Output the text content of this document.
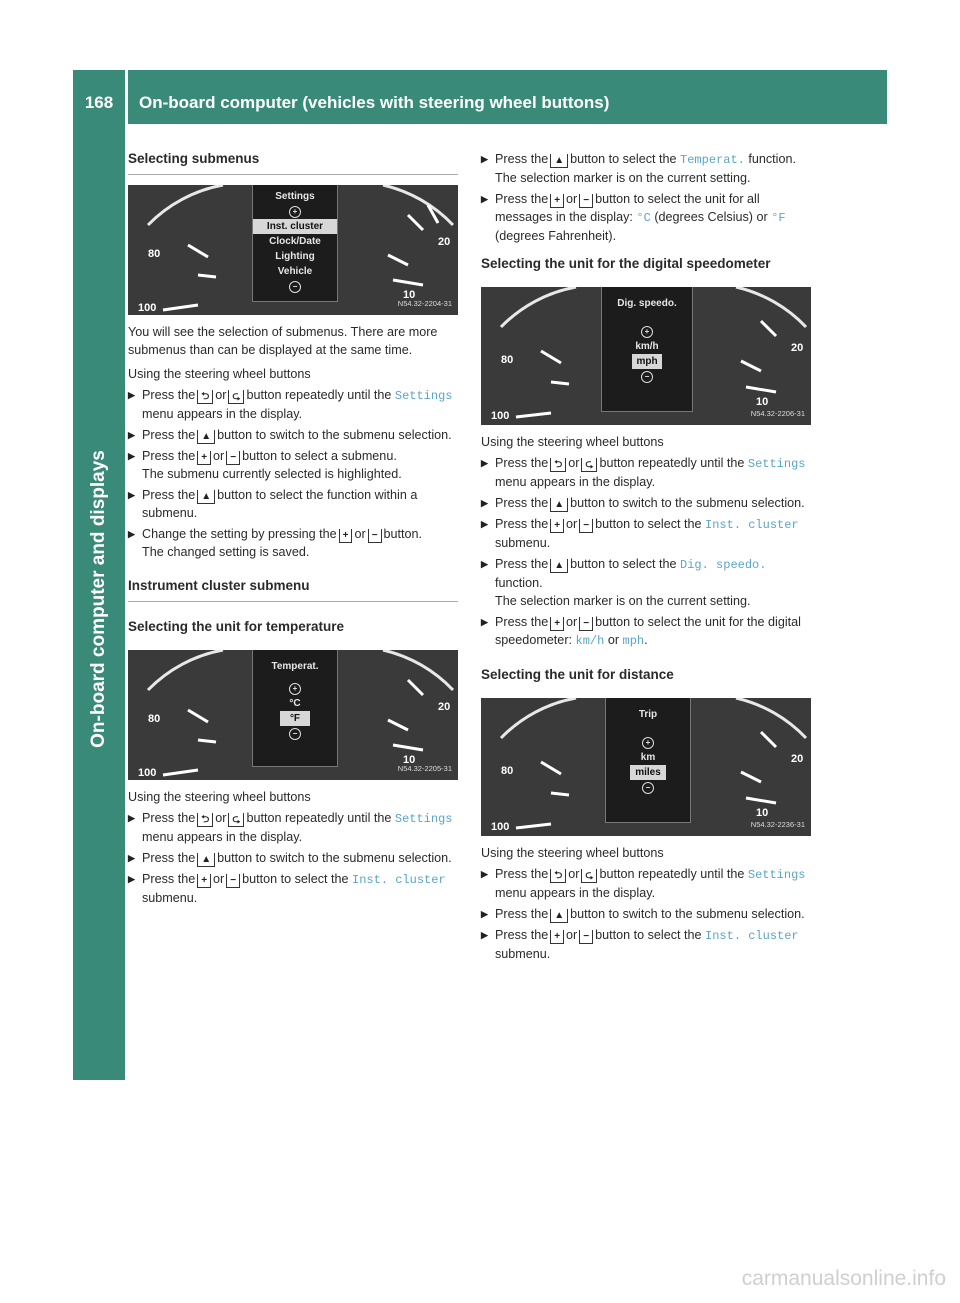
168	On-board computer (vehicles with steering wheel buttons)
On-board computer and displays
Selecting submenus
80
100
20
10
Settings
+
Inst. cluster
Clock/Date
Lighting
Vehicle
−
N54.32-2204-31

You will see the selection of submenus. There are more submenus than can be displayed at the same time.

Using the steering wheel buttons

▶ Press the ⮌ or ⮎ button repeatedly until the Settings menu appears in the display.
▶ Press the ▲ button to switch to the submenu selection.
▶ Press the + or − button to select a submenu.
The submenu currently selected is highlighted.
▶ Press the ▲ button to select the function within a submenu.
▶ Change the setting by pressing the + or − button.
The changed setting is saved.
Instrument cluster submenu
Selecting the unit for temperature
80
100
20
10
Temperat.
+
°C
°F
−
N54.32-2205-31

Using the steering wheel buttons

▶ Press the ⮌ or ⮎ button repeatedly until the Settings menu appears in the display.
▶ Press the ▲ button to switch to the submenu selection.
▶ Press the + or − button to select the Inst. cluster submenu.
▶ Press the ▲ button to select the Temperat. function.
The selection marker is on the current setting.
▶ Press the + or − button to select the unit for all messages in the display: °C (degrees Celsius) or °F (degrees Fahrenheit).
Selecting the unit for the digital speedometer
80
100
20
10
Dig. speedo.
+
km/h
mph
−
N54.32-2206-31

Using the steering wheel buttons

▶ Press the ⮌ or ⮎ button repeatedly until the Settings menu appears in the display.
▶ Press the ▲ button to switch to the submenu selection.
▶ Press the + or − button to select the Inst. cluster submenu.
▶ Press the ▲ button to select the Dig. speedo. function.
The selection marker is on the current setting.
▶ Press the + or − button to select the unit for the digital speedometer: km/h or mph.
Selecting the unit for distance
80
100
20
10
Trip
+
km
miles
−
N54.32-2236-31

Using the steering wheel buttons

▶ Press the ⮌ or ⮎ button repeatedly until the Settings menu appears in the display.
▶ Press the ▲ button to switch to the submenu selection.
▶ Press the + or − button to select the Inst. cluster submenu.
carmanualsonline.info
